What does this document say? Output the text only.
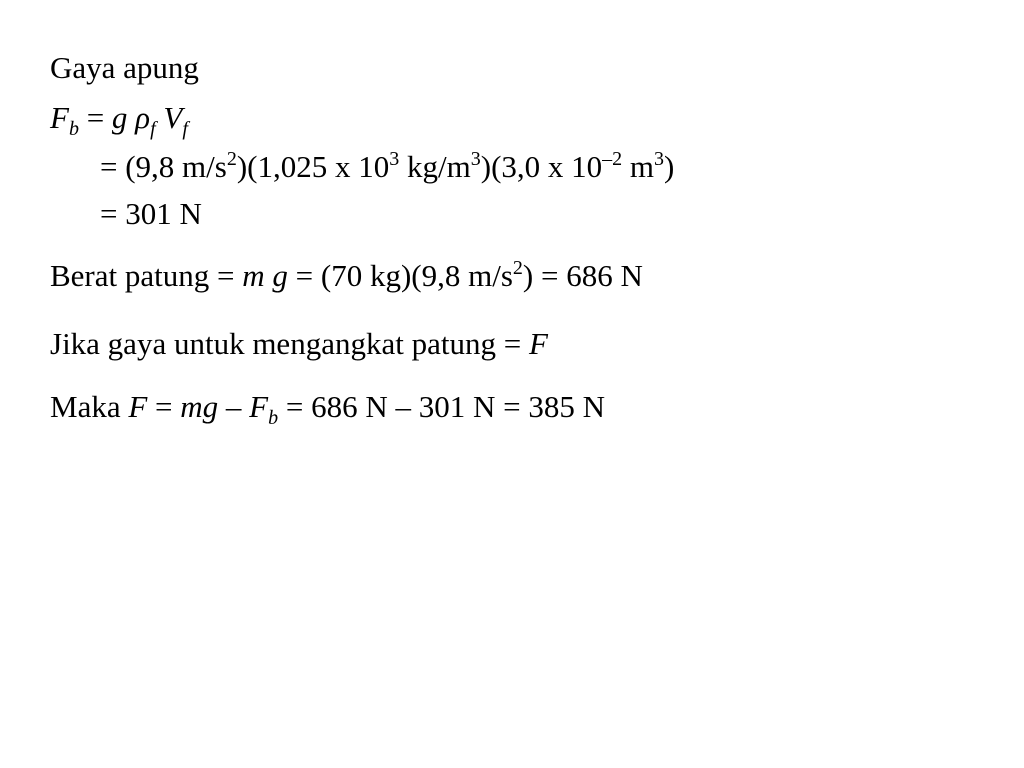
Gaya apung
$F_b = g$ $\rho_f$ $V_f$
= (9,8 $m/s^2)(1,025$ x $10^3$ $kg/m^3)(3,0$ x $10^{-2}$ $m^3$)
= 301 N
Berat patung = m g = (70 kg)(9,8 $m/s^2) = 686$ N
Jika gaya untuk mengangkat patung = F
Maka F = mg – $F_b = 686$ N – 301 N = 385 N
